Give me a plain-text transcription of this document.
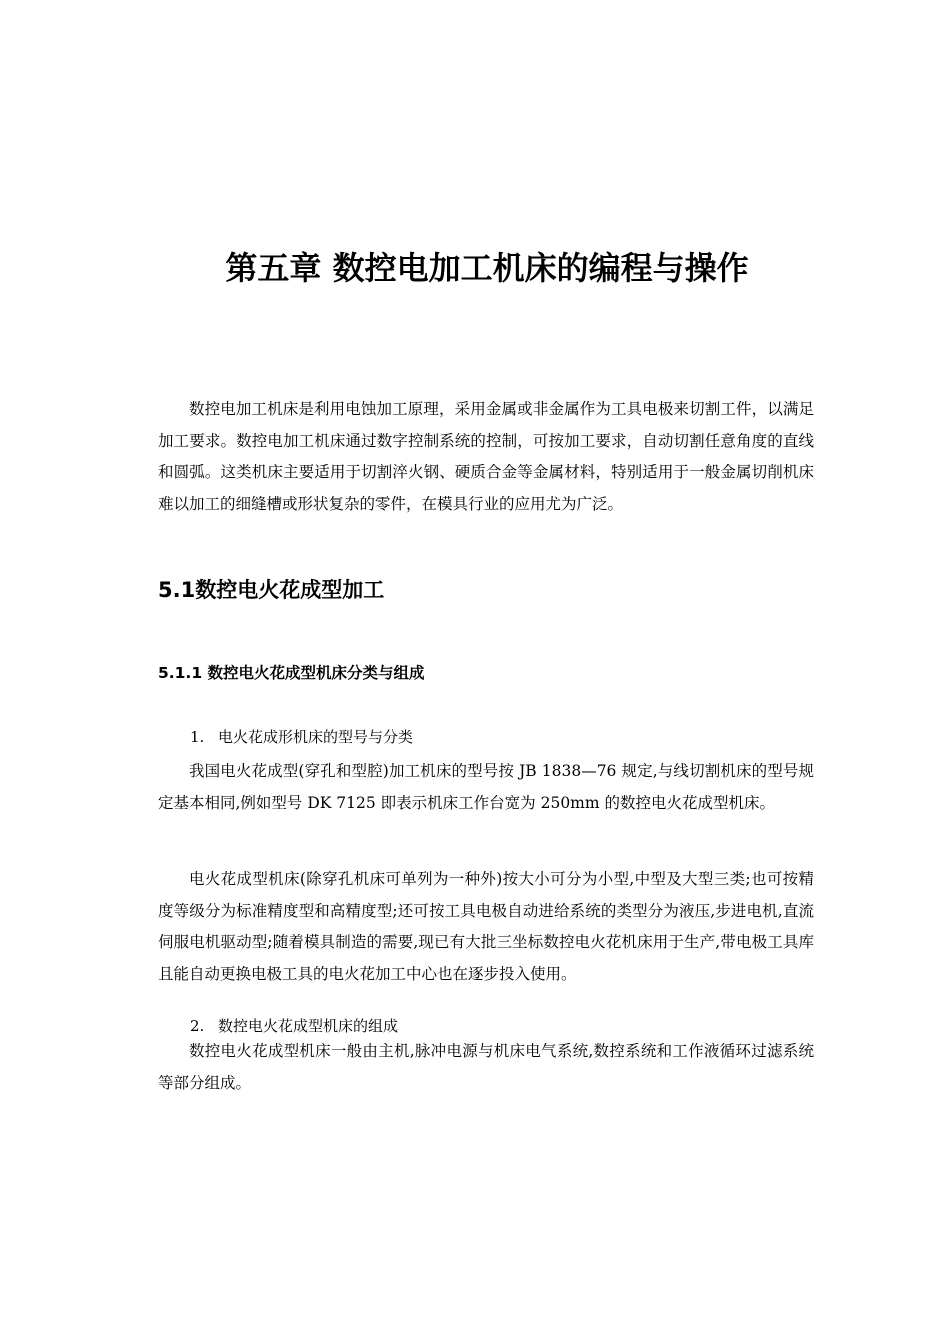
第五章 数控电加工机床的编程与操作

数控电加工机床是利用电蚀加工原理，采用金属或非金属作为工具电极来切割工件，以满足加工要求。数控电加工机床通过数字控制系统的控制，可按加工要求，自动切割任意角度的直线和圆弧。这类机床主要适用于切割淬火钢、硬质合金等金属材料，特别适用于一般金属切削机床难以加工的细缝槽或形状复杂的零件，在模具行业的应用尤为广泛。

5.1数控电火花成型加工
5.1.1 数控电火花成型机床分类与组成
1. 电火花成形机床的型号与分类

我国电火花成型(穿孔和型腔)加工机床的型号按 JB 1838—76 规定,与线切割机床的型号规定基本相同,例如型号 DK 7125 即表示机床工作台宽为 250mm 的数控电火花成型机床。

电火花成型机床(除穿孔机床可单列为一种外)按大小可分为小型,中型及大型三类;也可按精度等级分为标准精度型和高精度型;还可按工具电极自动进给系统的类型分为液压,步进电机,直流伺服电机驱动型;随着模具制造的需要,现已有大批三坐标数控电火花机床用于生产,带电极工具库且能自动更换电极工具的电火花加工中心也在逐步投入使用。

2. 数控电火花成型机床的组成

数控电火花成型机床一般由主机,脉冲电源与机床电气系统,数控系统和工作液循环过滤系统等部分组成。
